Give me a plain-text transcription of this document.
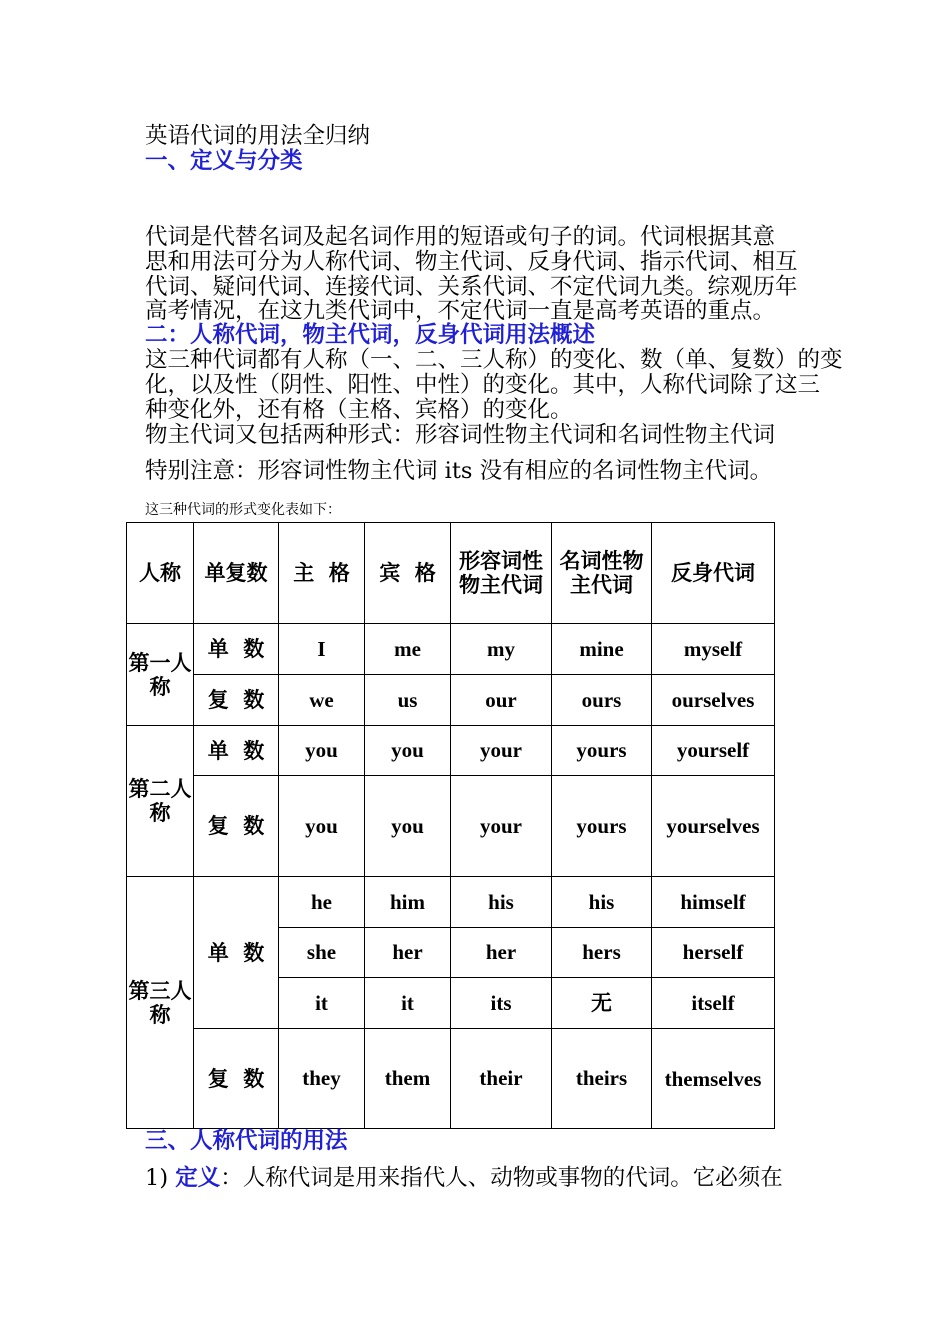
英语代词的用法全归纳
一、定义与分类
代词是代替名词及起名词作用的短语或句子的词。代词根据其意
思和用法可分为人称代词、物主代词、反身代词、指示代词、相互
代词、疑问代词、连接代词、关系代词、不定代词九类。综观历年
高考情况，在这九类代词中，不定代词一直是高考英语的重点。
二：人称代词，物主代词，反身代词用法概述
这三种代词都有人称（一、二、三人称）的变化、数（单、复数）的变
化，以及性（阴性、阳性、中性）的变化。其中，人称代词除了这三
种变化外，还有格（主格、宾格）的变化。
物主代词又包括两种形式：形容词性物主代词和名词性物主代词
特别注意：形容词性物主代词 its 没有相应的名词性物主代词。
这三种代词的形式变化表如下：
人称	单复数	主  格	宾  格	形容词性物主代词	名词性物主代词	反身代词
第一人称	单  数	I	me	my	mine	myself
	复  数	we	us	our	ours	ourselves
第二人称	单  数	you	you	your	yours	yourself
	复  数	you	you	your	yours	yourselves
第三人称	单  数	he	him	his	his	himself
		she	her	her	hers	herself
		it	it	its	无	itself
	复  数	they	them	their	theirs	themselves
三、人称代词的用法
1) 定义：人称代词是用来指代人、动物或事物的代词。它必须在
